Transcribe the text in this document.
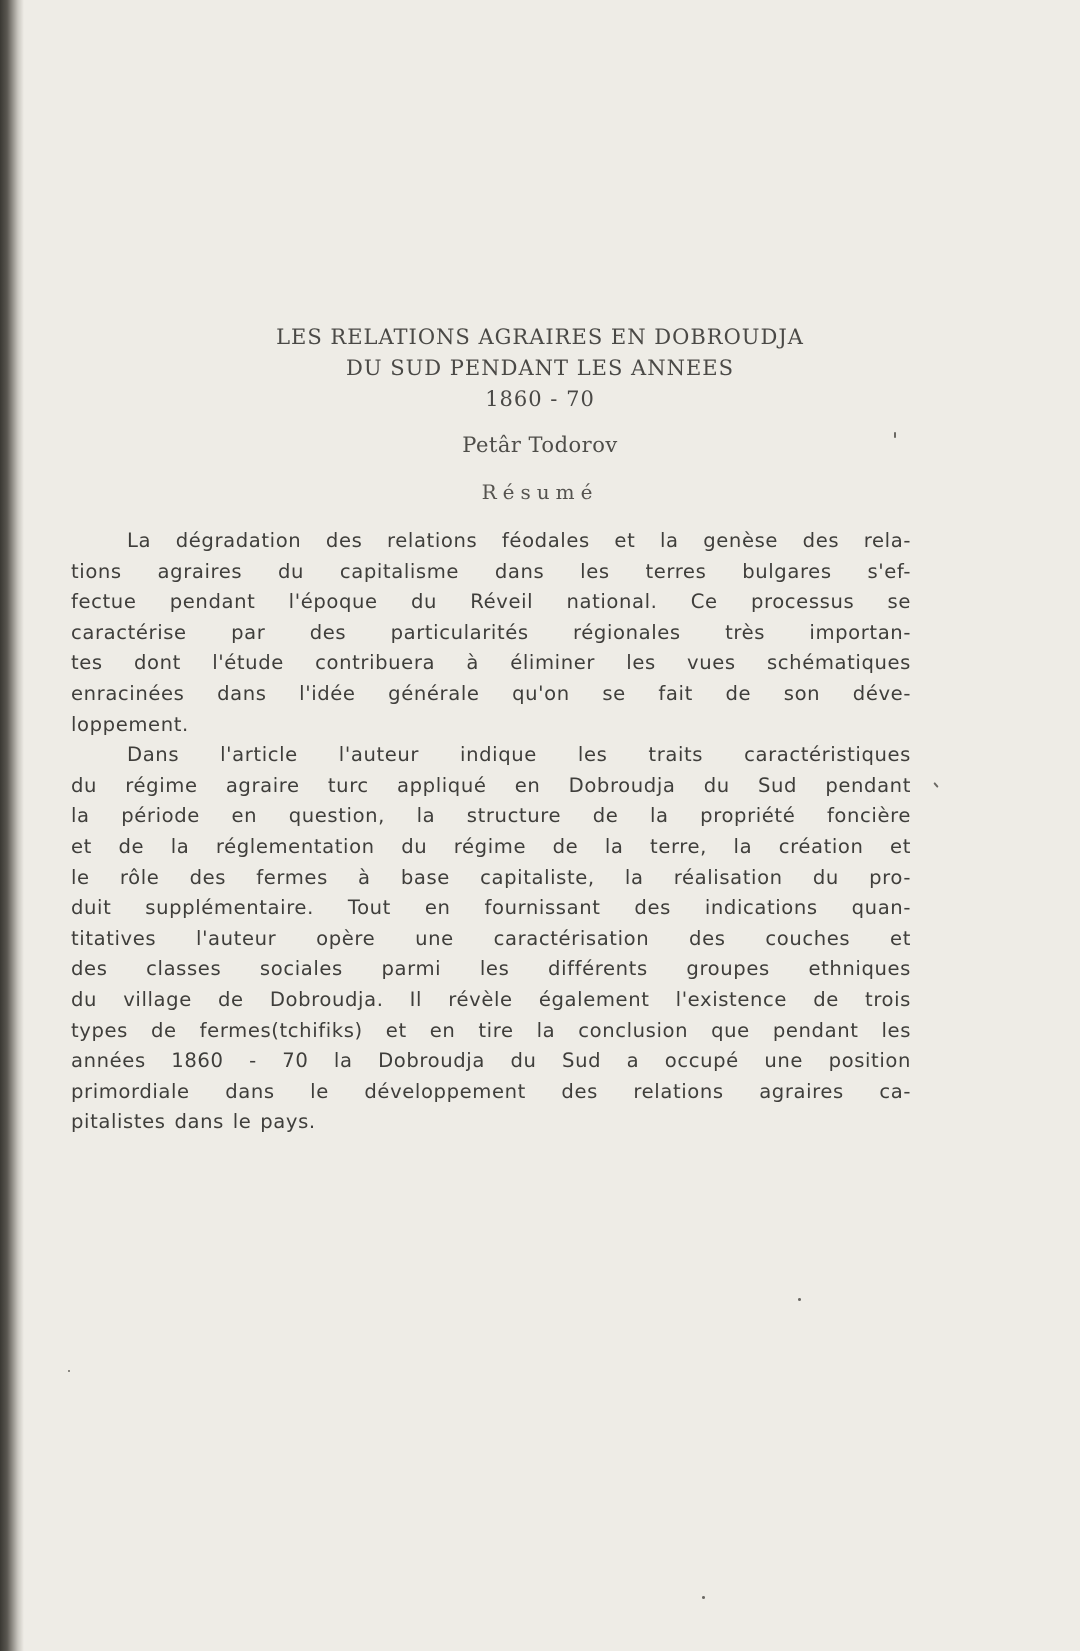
LES RELATIONS AGRAIRES EN DOBROUDJA
DU SUD PENDANT LES ANNEES
1860 - 70
Petâr Todorov
Résumé
La dégradation des relations féodales et la genèse des rela-
tions agraires du capitalisme dans les terres bulgares s'ef-
fectue pendant l'époque du Réveil national. Ce processus se
caractérise par des particularités régionales très importan-
tes dont l'étude contribuera à éliminer les vues schématiques
enracinées dans l'idée générale qu'on se fait de son déve-
loppement.
Dans l'article l'auteur indique les traits caractéristiques
du régime agraire turc appliqué en Dobroudja du Sud pendant
la période en question, la structure de la propriété foncière
et de la réglementation du régime de la terre, la création et
le rôle des fermes à base capitaliste, la réalisation du pro-
duit supplémentaire. Tout en fournissant des indications quan-
titatives l'auteur opère une caractérisation des couches et
des classes sociales parmi les différents groupes ethniques
du village de Dobroudja. Il révèle également l'existence de trois
types de fermes(tchifiks) et en tire la conclusion que pendant les
années 1860 - 70 la Dobroudja du Sud a occupé une position
primordiale dans le développement des relations agraires ca-
pitalistes dans le pays.
